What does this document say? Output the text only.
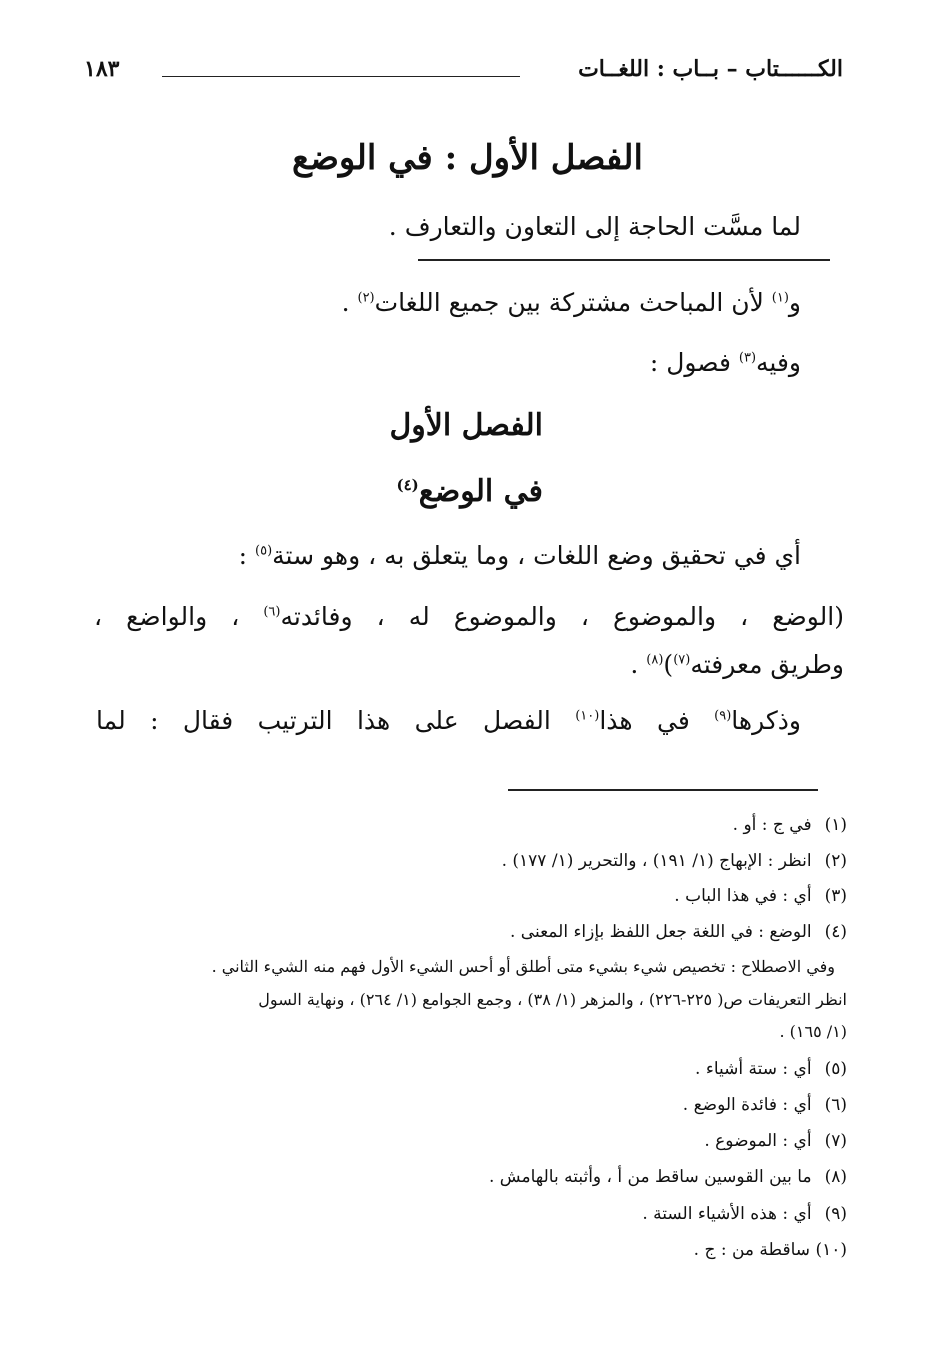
الكــــــتاب – بــاب : اللغــات
١٨٣
الفصل الأول : في الوضع
لما مسَّت الحاجة إلى التعاون والتعارف .
و$^{(١)}$ لأن المباحث مشتركة بين جميع اللغات$^{(٢)}$ .
وفيه$^{(٣)}$ فصول :
الفصل الأول
في الوضع$^{(٤)}$
أي في تحقيق وضع اللغات ، وما يتعلق به ، وهو ستة$^{(٥)}$ :
(الوضع ، والموضوع ، والموضوع له ، وفائدته$^{(٦)}$ ، والواضع ،
وطريق معرفته$^{(٧)}$)$^{(٨)}$ .
وذكرها$^{(٩)}$ في هذا$^{(١٠)}$ الفصل على هذا الترتيب فقال : لما
(١) في ج : أو .
(٢) انظر : الإبهاج (١/ ١٩١) ، والتحرير (١/ ١٧٧) .
(٣) أي : في هذا الباب .
(٤) الوضع : في اللغة جعل اللفظ بإزاء المعنى .
وفي الاصطلاح : تخصيص شيء بشيء متى أطلق أو أحس الشيء الأول فهم منه الشيء الثاني .
انظر التعريفات ص( ٢٢٥-٢٢٦) ، والمزهر (١/ ٣٨) ، وجمع الجوامع (١/ ٢٦٤) ، ونهاية السول
(١/ ١٦٥) .
(٥) أي : ستة أشياء .
(٦) أي : فائدة الوضع .
(٧) أي : الموضوع .
(٨) ما بين القوسين ساقط من أ ، وأثبته بالهامش .
(٩) أي : هذه الأشياء الستة .
(١٠) ساقطة من : ج .
